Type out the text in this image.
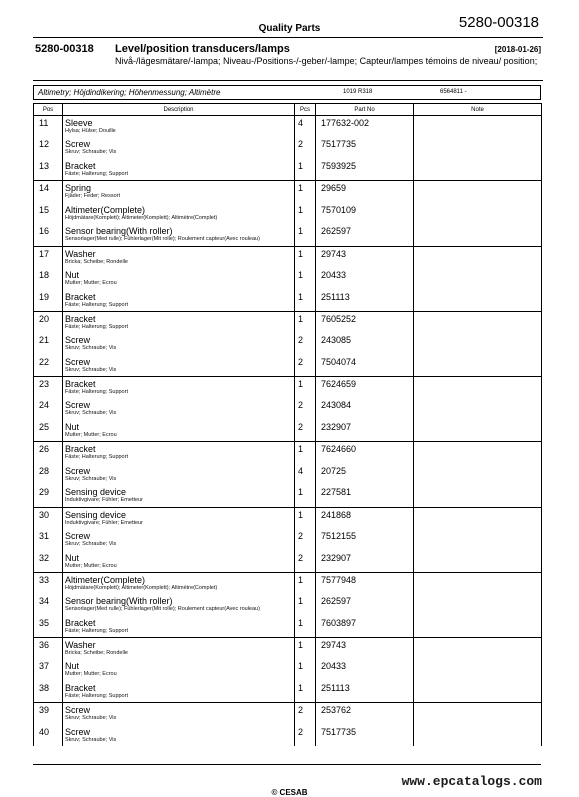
Quality Parts	5280-00318
5280-00318 Level/position transducers/lamps	[2018-01-26]
Nivå-/lägesmätare/-lampa; Niveau-/Positions-/-geber/-lampe; Capteur/lampes témoins de niveau/ position;
Altimetry; Höjdindikering; Höhenmessung; Altimètre	1019 R318	6564811 -
Pos	Description	Pcs	Part No	Note
11	Sleeve
Hylsa; Hülse; Douille	4	177632-002	
12	Screw
Skruv; Schraube; Vis	2	7517735	
13	Bracket
Fäste; Halterung; Support	1	7593925	
14	Spring
Fjäder; Feder; Ressort	1	29659	
15	Altimeter(Complete)
Höjdmätare(Komplett); Altimeter(Komplett); Altimètre(Complet)	1	7570109	
16	Sensor bearing(With roller)
Sensorlager(Med rulle); Fühlerlager(Mit rolle); Roulement capteur(Avec rouleau)	1	262597	
17	Washer
Bricka; Scheibe; Rondelle	1	29743	
18	Nut
Mutter; Mutter; Ecrou	1	20433	
19	Bracket
Fäste; Halterung; Support	1	251113	
20	Bracket
Fäste; Halterung; Support	1	7605252	
21	Screw
Skruv; Schraube; Vis	2	243085	
22	Screw
Skruv; Schraube; Vis	2	7504074	
23	Bracket
Fäste; Halterung; Support	1	7624659	
24	Screw
Skruv; Schraube; Vis	2	243084	
25	Nut
Mutter; Mutter; Ecrou	2	232907	
26	Bracket
Fäste; Halterung; Support	1	7624660	
28	Screw
Skruv; Schraube; Vis	4	20725	
29	Sensing device
Induktivgivare; Fühler; Emetteur	1	227581	
30	Sensing device
Induktivgivare; Fühler; Emetteur	1	241868	
31	Screw
Skruv; Schraube; Vis	2	7512155	
32	Nut
Mutter; Mutter; Ecrou	2	232907	
33	Altimeter(Complete)
Höjdmätare(Komplett); Altimeter(Komplett); Altimètre(Complet)	1	7577948	
34	Sensor bearing(With roller)
Sensorlager(Med rulle); Fühlerlager(Mit rolle); Roulement capteur(Avec rouleau)	1	262597	
35	Bracket
Fäste; Halterung; Support	1	7603897	
36	Washer
Bricka; Scheibe; Rondelle	1	29743	
37	Nut
Mutter; Mutter; Ecrou	1	20433	
38	Bracket
Fäste; Halterung; Support	1	251113	
39	Screw
Skruv; Schraube; Vis	2	253762	
40	Screw
Skruv; Schraube; Vis	2	7517735	
www.epcatalogs.com
© CESAB
